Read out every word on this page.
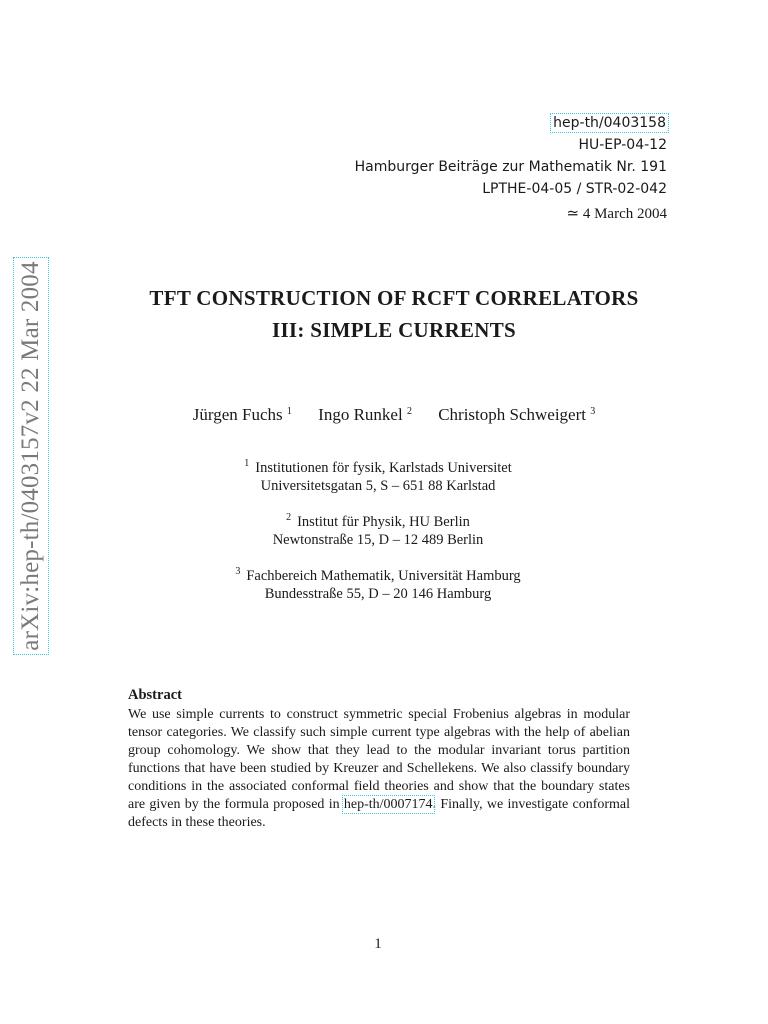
hep-th/0403158
HU-EP-04-12
Hamburger Beiträge zur Mathematik Nr. 191
LPTHE-04-05 / STR-02-042
≃ 4 March 2004
arXiv:hep-th/0403157v2 22 Mar 2004	TFT CONSTRUCTION OF RCFT CORRELATORS
III: SIMPLE CURRENTS
Jürgen Fuchs $^1$ Ingo Runkel $^2$ Christoph Schweigert $^3$
$^1$ Institutionen för fysik, Karlstads Universitet
Universitetsgatan 5, S – 651 88 Karlstad
$^2$ Institut für Physik, HU Berlin
Newtonstraße 15, D – 12 489 Berlin
$^3$ Fachbereich Mathematik, Universität Hamburg
Bundesstraße 55, D – 20 146 Hamburg
Abstract

We use simple currents to construct symmetric special Frobenius algebras in modular tensor categories. We classify such simple current type algebras with the help of abelian group cohomology. We show that they lead to the modular invariant torus partition functions that have been studied by Kreuzer and Schellekens. We also classify boundary conditions in the associated conformal field theories and show that the boundary states are given by the formula proposed in hep-th/0007174. Finally, we investigate conformal defects in these theories.

1
